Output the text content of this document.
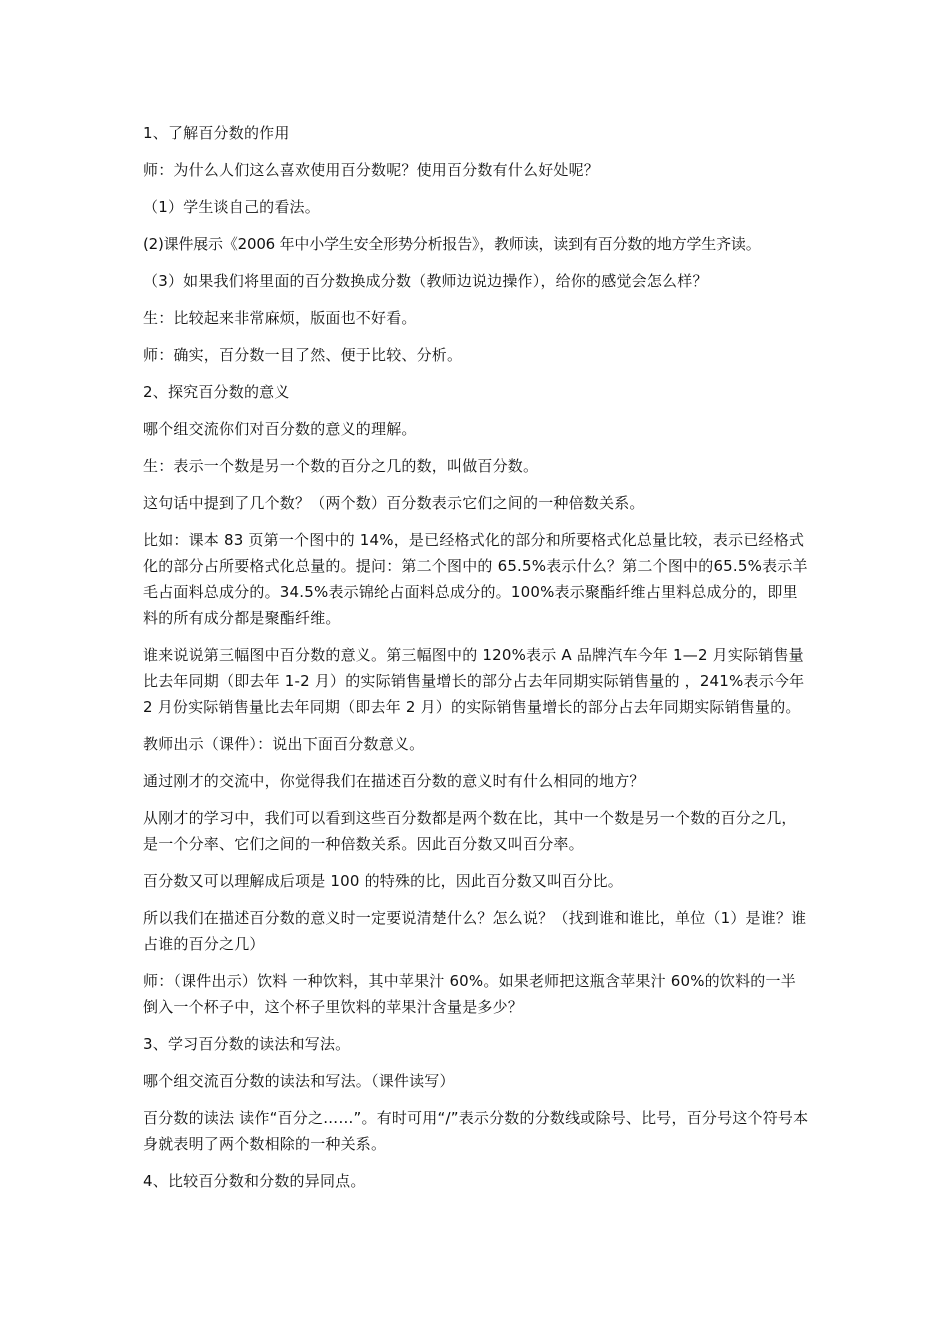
1、了解百分数的作用

师：为什么人们这么喜欢使用百分数呢？使用百分数有什么好处呢？

（1）学生谈自己的看法。

(2)课件展示《2006 年中小学生安全形势分析报告》，教师读，读到有百分数的地方学生齐读。

（3）如果我们将里面的百分数换成分数（教师边说边操作），给你的感觉会怎么样？

生：比较起来非常麻烦，版面也不好看。

师：确实，百分数一目了然、便于比较、分析。

2、探究百分数的意义

哪个组交流你们对百分数的意义的理解。

生：表示一个数是另一个数的百分之几的数，叫做百分数。

这句话中提到了几个数？（两个数）百分数表示它们之间的一种倍数关系。

比如：课本 83 页第一个图中的 14%，是已经格式化的部分和所要格式化总量比较，表示已经格式化的部分占所要格式化总量的。提问：第二个图中的 65.5%表示什么？第二个图中的65.5%表示羊毛占面料总成分的。34.5%表示锦纶占面料总成分的。100%表示聚酯纤维占里料总成分的，即里料的所有成分都是聚酯纤维。

谁来说说第三幅图中百分数的意义。第三幅图中的 120%表示 A 品牌汽车今年 1—2 月实际销售量比去年同期（即去年 1-2 月）的实际销售量增长的部分占去年同期实际销售量的 ，241%表示今年 2 月份实际销售量比去年同期（即去年 2 月）的实际销售量增长的部分占去年同期实际销售量的。

教师出示（课件）：说出下面百分数意义。

通过刚才的交流中，你觉得我们在描述百分数的意义时有什么相同的地方？

从刚才的学习中，我们可以看到这些百分数都是两个数在比，其中一个数是另一个数的百分之几，是一个分率、它们之间的一种倍数关系。因此百分数又叫百分率。

百分数又可以理解成后项是 100 的特殊的比，因此百分数又叫百分比。

所以我们在描述百分数的意义时一定要说清楚什么？怎么说？（找到谁和谁比，单位（1）是谁？谁占谁的百分之几）

师：（课件出示）饮料 一种饮料，其中苹果汁 60%。如果老师把这瓶含苹果汁 60%的饮料的一半倒入一个杯子中，这个杯子里饮料的苹果汁含量是多少？

3、学习百分数的读法和写法。

哪个组交流百分数的读法和写法。（课件读写）

百分数的读法 读作“百分之……”。有时可用“/”表示分数的分数线或除号、比号，百分号这个符号本身就表明了两个数相除的一种关系。

4、比较百分数和分数的异同点。
